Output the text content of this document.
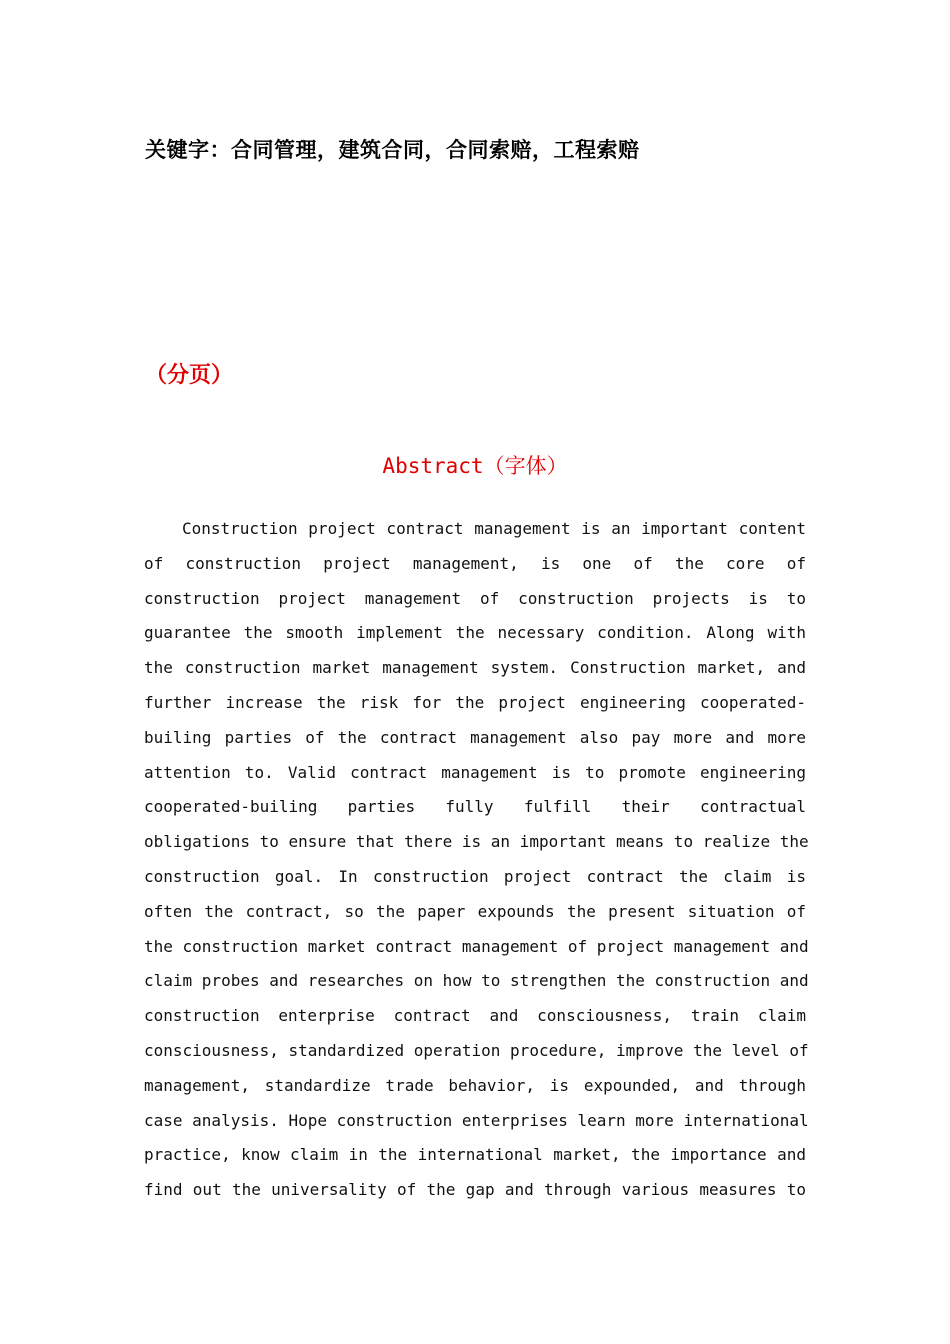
关键字：合同管理，建筑合同，合同索赔，工程索赔
（分页）
Abstract（字体）
Construction project contract management is an important content
of construction project management, is one of the core of
construction project management of construction projects is to
guarantee the smooth implement the necessary condition. Along with
the construction market management system. Construction market, and
further increase the risk for the project engineering cooperated-
builing parties of the contract management also pay more and more
attention to. Valid contract management is to promote engineering
cooperated-builing parties fully fulfill their contractual
obligations to ensure that there is an important means to realize the
construction goal. In construction project contract the claim is
often the contract, so the paper expounds the present situation of
the construction market contract management of project management and
claim probes and researches on how to strengthen the construction and
construction enterprise contract and consciousness, train claim
consciousness, standardized operation procedure, improve the level of
management, standardize trade behavior, is expounded, and through
case analysis. Hope construction enterprises learn more international
practice, know claim in the international market, the importance and
find out the universality of the gap and through various measures to
